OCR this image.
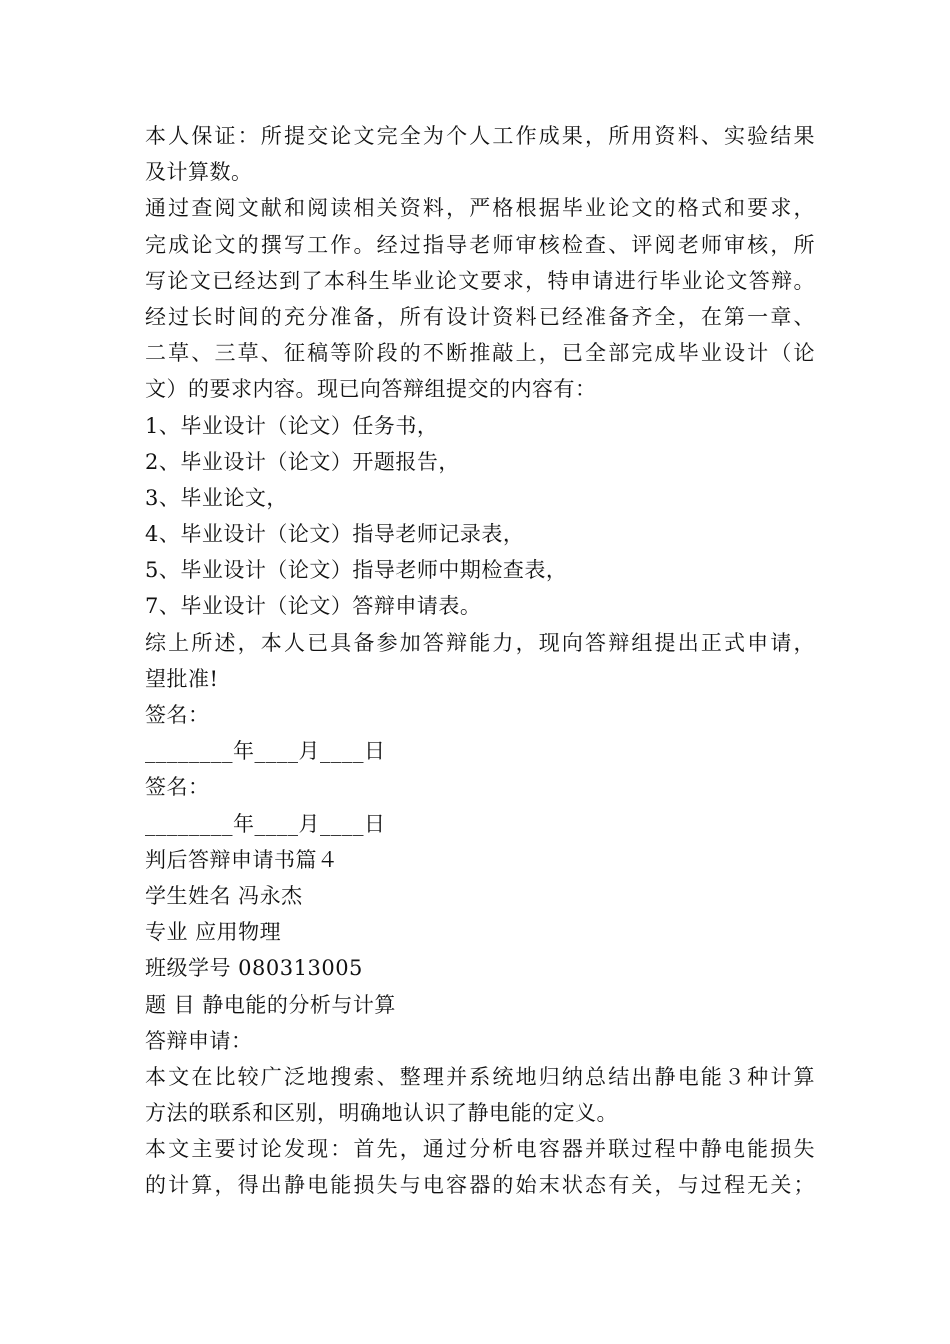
本人保证：所提交论文完全为个人工作成果，所用资料、实验结果
及计算数。
通过查阅文献和阅读相关资料，严格根据毕业论文的格式和要求，
完成论文的撰写工作。经过指导老师审核检查、评阅老师审核，所
写论文已经达到了本科生毕业论文要求，特申请进行毕业论文答辩。
经过长时间的充分准备，所有设计资料已经准备齐全，在第一章、
二草、三草、征稿等阶段的不断推敲上，已全部完成毕业设计（论
文）的要求内容。现已向答辩组提交的内容有：
1、毕业设计（论文）任务书，
2、毕业设计（论文）开题报告，
3、毕业论文，
4、毕业设计（论文）指导老师记录表，
5、毕业设计（论文）指导老师中期检查表，
7、毕业设计（论文）答辩申请表。
综上所述，本人已具备参加答辩能力，现向答辩组提出正式申请，
望批准!
签名：
________年____月____日
签名：
________年____月____日
判后答辩申请书篇４
学生姓名 冯永杰
专业 应用物理
班级学号 080313005
题 目 静电能的分析与计算
答辩申请：
本文在比较广泛地搜索、整理并系统地归纳总结出静电能３种计算
方法的联系和区别，明确地认识了静电能的定义。
本文主要讨论发现：首先，通过分析电容器并联过程中静电能损失
的计算，得出静电能损失与电容器的始末状态有关，与过程无关；
